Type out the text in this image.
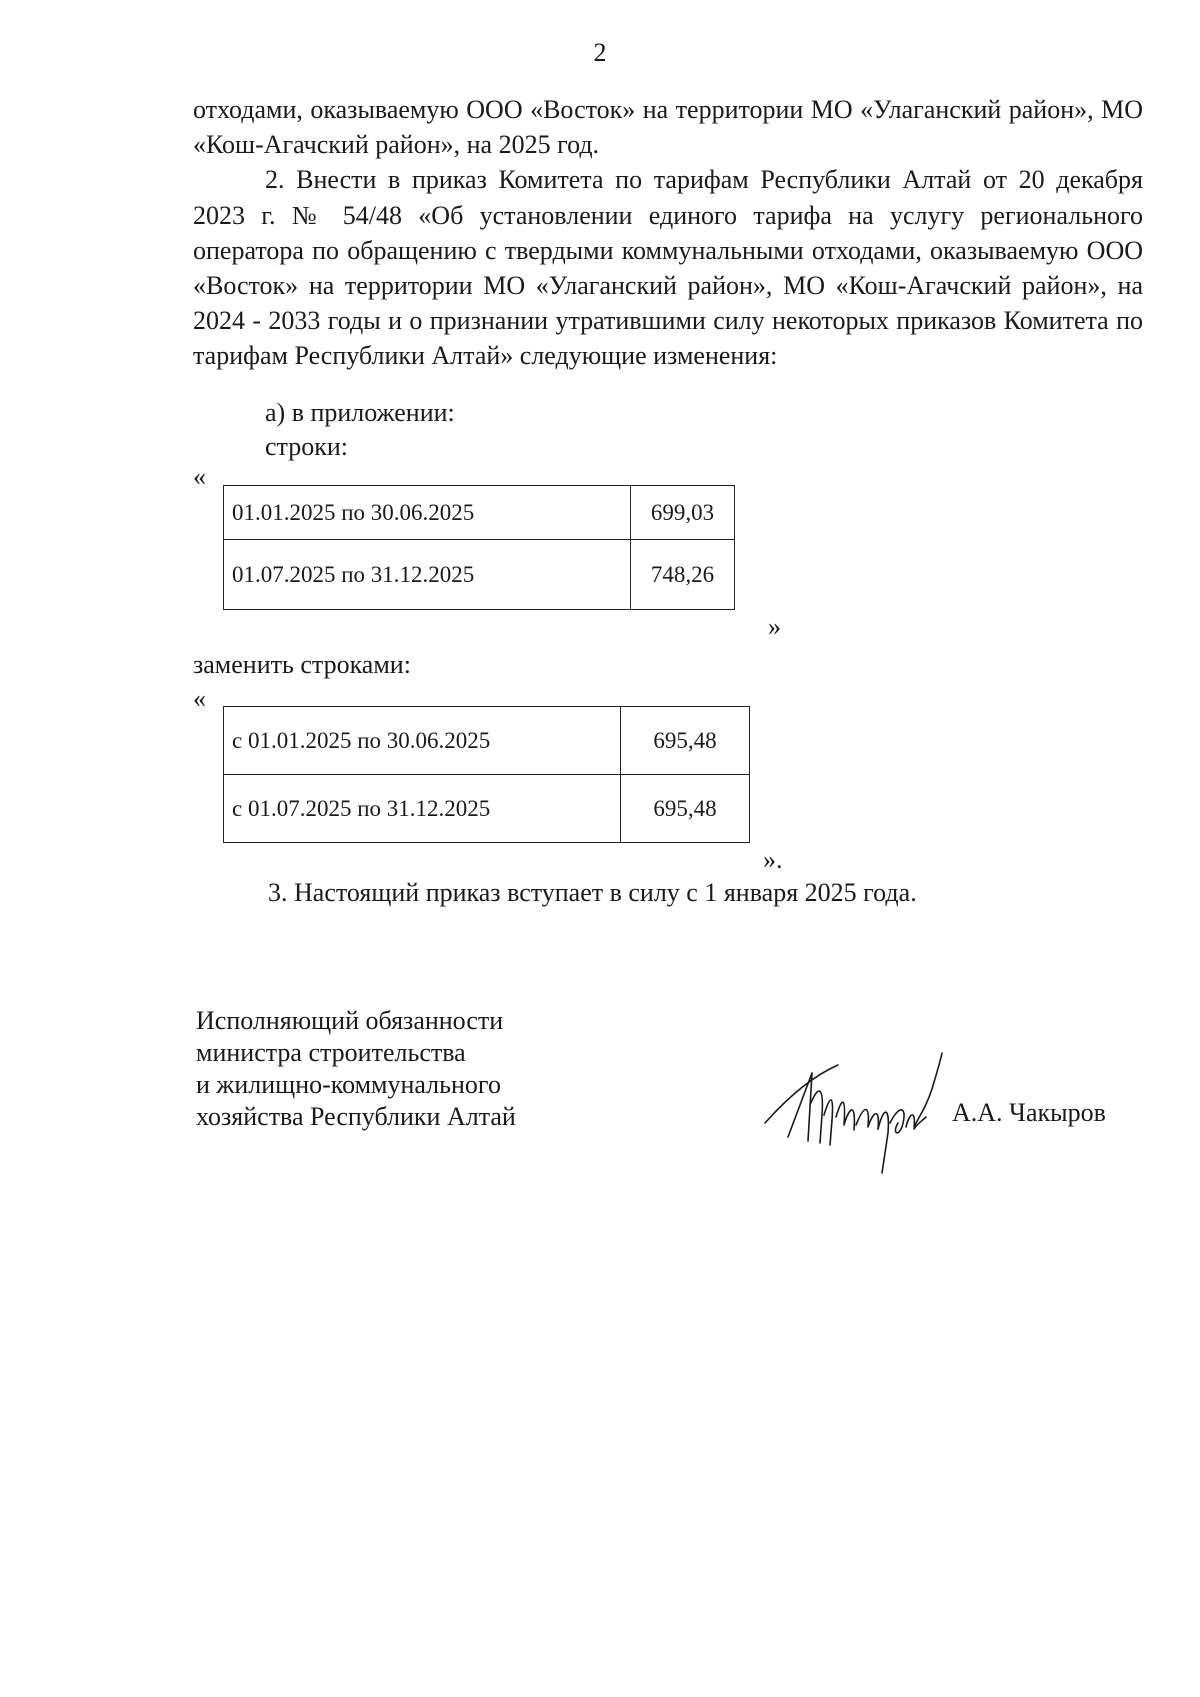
2

отходами, оказываемую ООО «Восток» на территории МО «Улаганский район», МО «Кош-Агачский район», на 2025 год.

2. Внести в приказ Комитета по тарифам Республики Алтай от 20 декабря 2023 г. № 54/48 «Об установлении единого тарифа на услугу регионального оператора по обращению с твердыми коммунальными отходами, оказываемую ООО «Восток» на территории МО «Улаганский район», МО «Кош-Агачский район», на 2024 - 2033 годы и о признании утратившими силу некоторых приказов Комитета по тарифам Республики Алтай» следующие изменения:

а) в приложении:
строки:
«
01.01.2025 по 30.06.2025	699,03
01.07.2025 по 31.12.2025	748,26
»
заменить строками:
«
с 01.01.2025 по 30.06.2025	695,48
с 01.07.2025 по 31.12.2025	695,48
».
3. Настоящий приказ вступает в силу с 1 января 2025 года.
Исполняющий обязанности
министра строительства
и жилищно-коммунального
хозяйства Республики Алтай	А.А. Чакыров
